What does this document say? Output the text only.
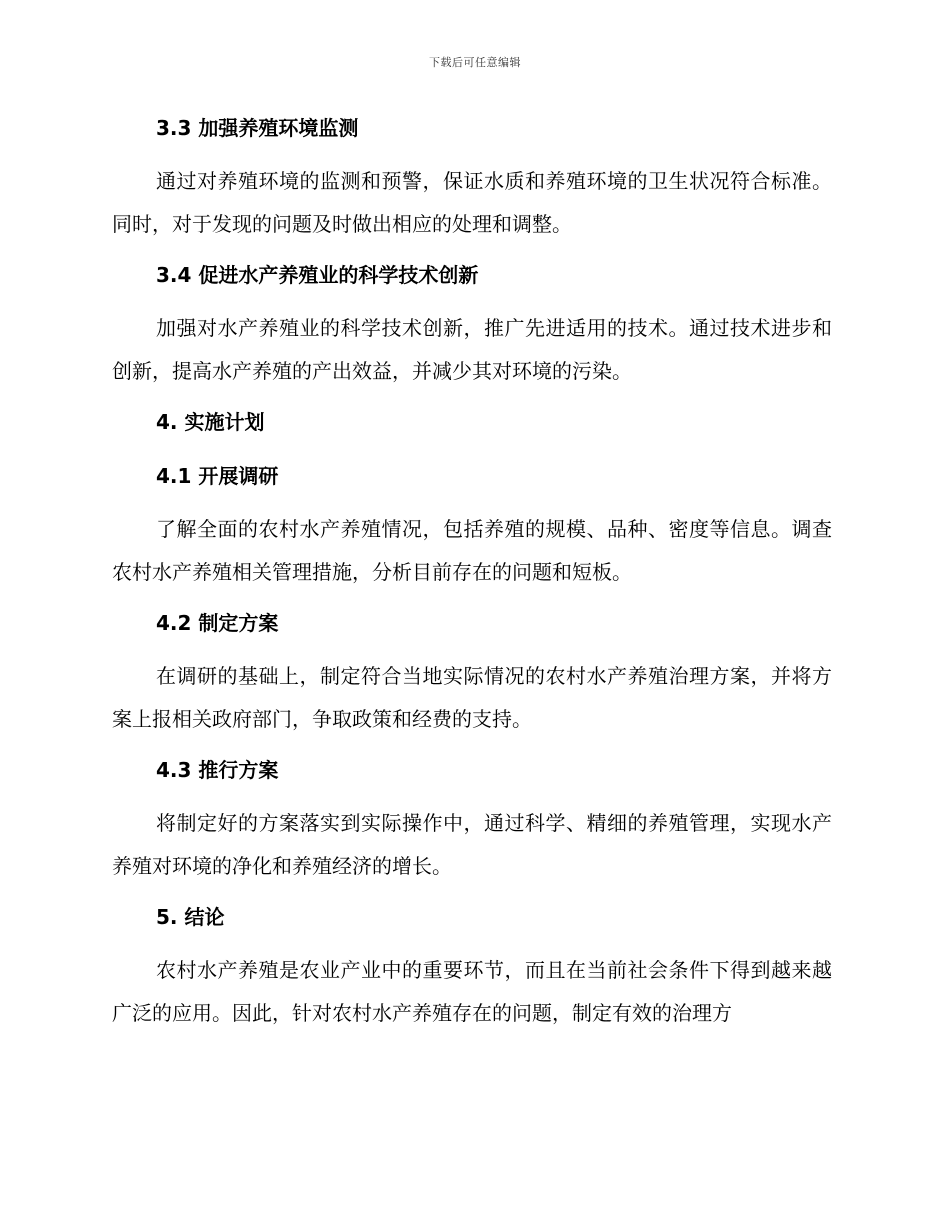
下载后可任意编辑
3.3 加强养殖环境监测

通过对养殖环境的监测和预警，保证水质和养殖环境的卫生状况符合标准。同时，对于发现的问题及时做出相应的处理和调整。

3.4 促进水产养殖业的科学技术创新

加强对水产养殖业的科学技术创新，推广先进适用的技术。通过技术进步和创新，提高水产养殖的产出效益，并减少其对环境的污染。

4. 实施计划
4.1 开展调研

了解全面的农村水产养殖情况，包括养殖的规模、品种、密度等信息。调查农村水产养殖相关管理措施，分析目前存在的问题和短板。

4.2 制定方案

在调研的基础上，制定符合当地实际情况的农村水产养殖治理方案，并将方案上报相关政府部门，争取政策和经费的支持。

4.3 推行方案

将制定好的方案落实到实际操作中，通过科学、精细的养殖管理，实现水产养殖对环境的净化和养殖经济的增长。

5. 结论

农村水产养殖是农业产业中的重要环节，而且在当前社会条件下得到越来越广泛的应用。因此，针对农村水产养殖存在的问题，制定有效的治理方
